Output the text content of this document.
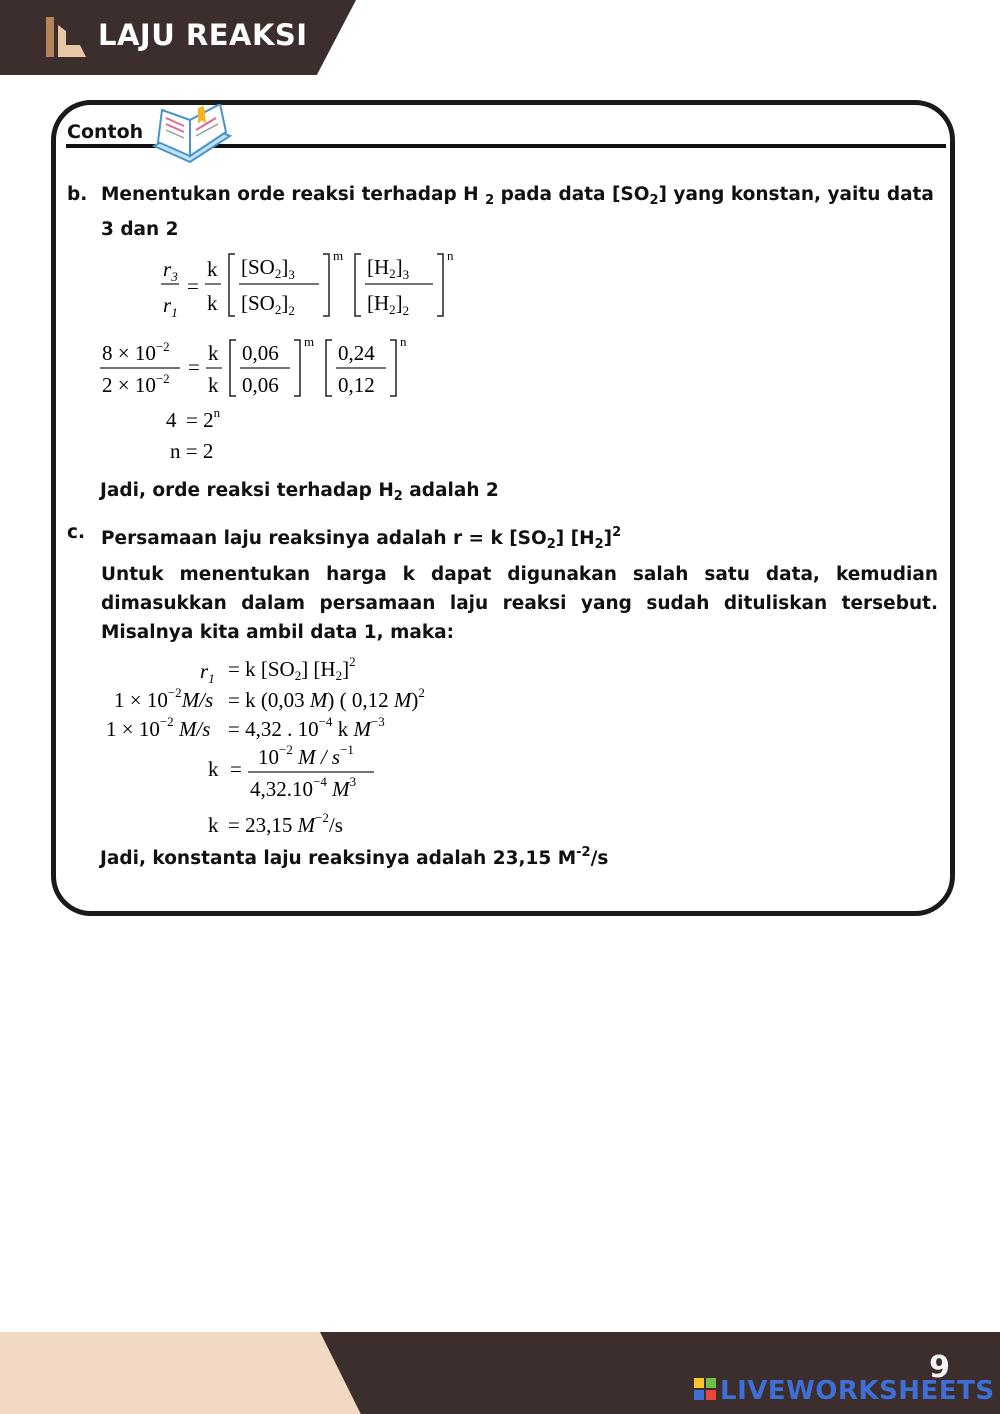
LAJU REAKSI
Contoh
b. Menentukan orde reaksi terhadap H $_2$ pada data $[SO_2]$ yang konstan, yaitu data 3 dan 2
$r_3$
$r_1$
=
k
k
$[SO2]_3$
$[SO2]_2$
m $[H2]_3$
$[H2]_2$
n
$8 \times 10^{-2}$
$2 \times 10^{-2}$ =
k
k
0,06
0,06
m 0,24
0,12
n
$4 = 2^n$
n = 2
Jadi, orde reaksi terhadap $H_2$ adalah 2
c. Persamaan laju reaksinya adalah r = k $[SO_2]$ $[H_2]^2$
Untuk menentukan harga k dapat digunakan salah satu data, kemudian dimasukkan dalam persamaan laju reaksi yang sudah dituliskan tersebut. Misalnya kita ambil data 1, maka:
$r_1 = k$ [SO2] $[H2]^2$
$1 \times 10^{-2}M/s = k$ (0,03 M) ( 0,12 M)$^2$
$1 \times 10^{-2}$ M/s = 4,32 . $10^{-4}$ k $M^{-3}$
$k = 10^{-2}$ M / $s^{-1}$
$4,32.10^{-4}$ $M^3$
k = 23,15 $M^{-2}/s$
Jadi, konstanta laju reaksinya adalah 23,15 $M^{-2}/s$
9
LIVEWORKSHEETS
